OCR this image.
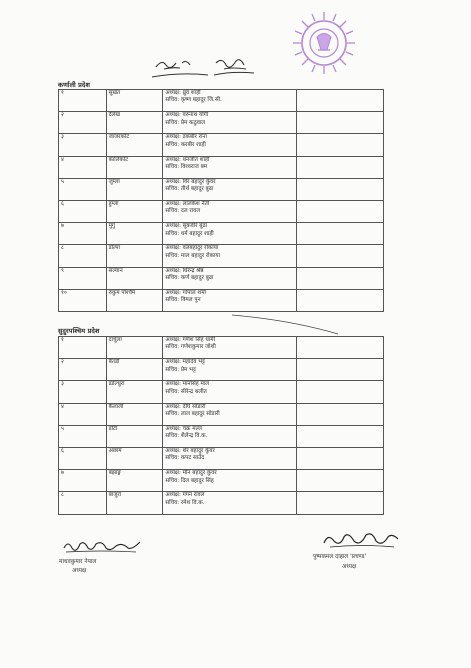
कर्णाली प्रदेश
१	सुर्खेत	अध्यक्ष: ध्रुव शाही
सचिव: कृष्ण बहादुर जि.सी.	

२	दैलेख	अध्यक्ष: वरुनाथ योगी
सचिव: प्रेम कठुवाल	

३	जाजरकोट	अध्यक्ष: डकबीर राना
सचिव: करबीर शाही	

४	कालिकोट	अध्यक्ष: धनजीत शाही
सचिव: विश्वराज बम	

५	जुम्ला	अध्यक्ष: विर बहादुर कुँवर
सचिव: तीर्थ बहादुर बुढा	

६	हुम्ला	अध्यक्ष: लालकेश नैती
सचिव: दल रावल	

७	मुगु	अध्यक्ष: सुकवीर बुढा
सचिव: धर्म बहादुर शाही	

८	डोल्पा	अध्यक्ष: वलबहादुर रोकाया
सचिव: माल बहादुर रोकाया	

९	सल्यान	अध्यक्ष: धिरेन्द्र श्रेष्ठ
सचिव: कर्ण बहादुर बुढा	

१०	रुकुम पश्चिम	अध्यक्ष: गोपाल शर्मा
सचिव: विमल पुन	

सुदुरपश्चिम प्रदेश
१	दार्चुला	अध्यक्ष: गणेश सिंह धामी
सचिव: गणेशकुमार जोशी	

२	बैतडी	अध्यक्ष: महादेव भट्ट
सचिव: प्रेम भट्ट	

३	डडेल्धुरा	अध्यक्ष: मानसिंह माल
सचिव: सीरेन्द्र थलीत	

४	कैलाली	अध्यक्ष: दीर्घ सोडारी
सचिव: लाल बहादुर सोडारी	

५	डोटी	अध्यक्ष: चक्र मल्ल
सचिव: शैलेन्द्र वि.क.	

६	अछाम	अध्यक्ष: शेर बहादुर कुँवर
सचिव: कपट साउँद	

७	बझाङ्ग	अध्यक्ष: मीन बहादुर कुँवर
सचिव: दिल बहादुर सिंह	

८	बाजुरा	अध्यक्ष: गगन रावल
सचिव: रमेश वि.क.	

माधवकुमार नेपाल
अध्यक्ष
पुष्पकमल दाहाल 'प्रचण्ड'
अध्यक्ष
